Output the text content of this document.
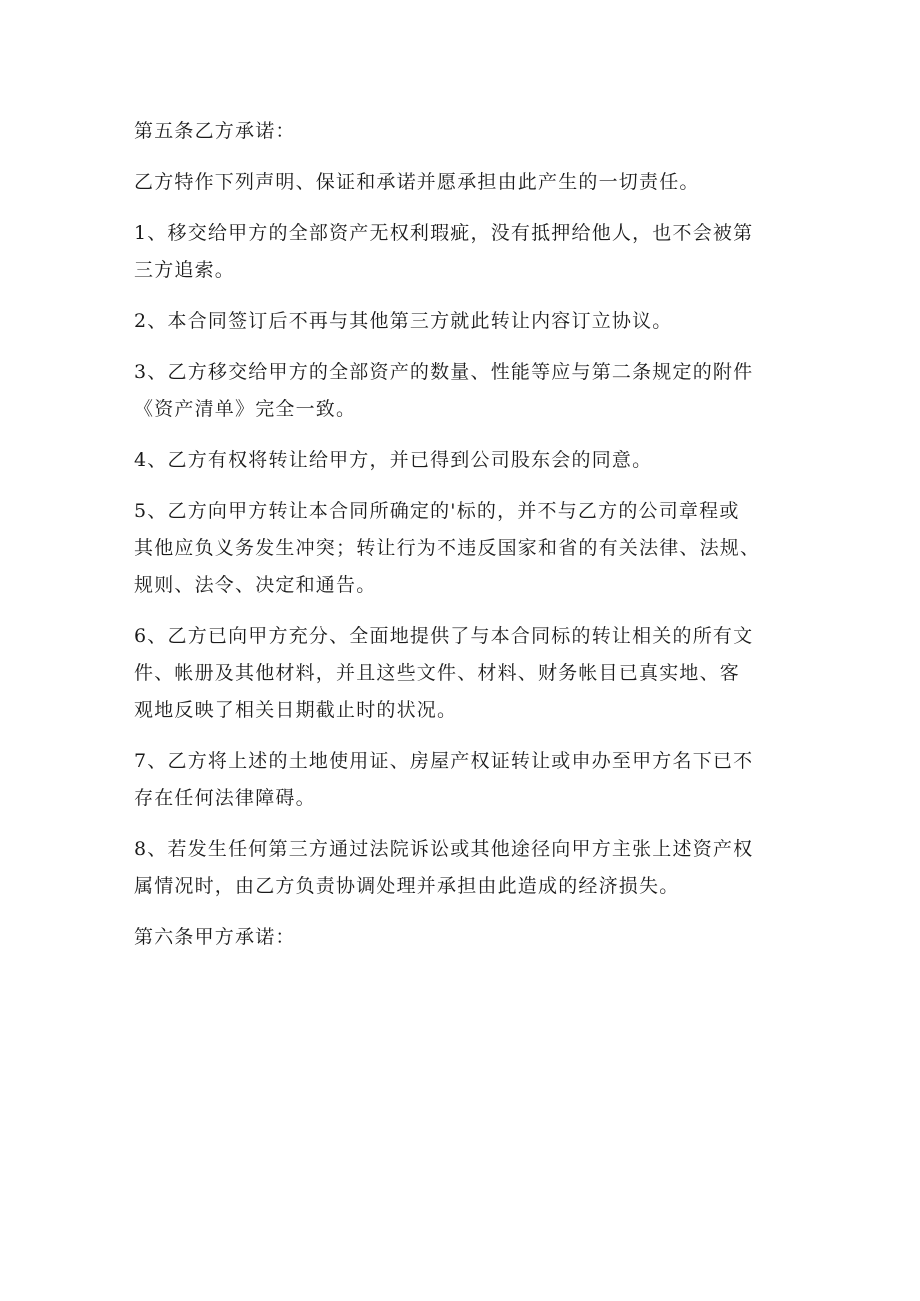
第五条乙方承诺：

乙方特作下列声明、保证和承诺并愿承担由此产生的一切责任。

1、移交给甲方的全部资产无权利瑕疵，没有抵押给他人，也不会被第
三方追索。

2、本合同签订后不再与其他第三方就此转让内容订立协议。

3、乙方移交给甲方的全部资产的数量、性能等应与第二条规定的附件
《资产清单》完全一致。

4、乙方有权将转让给甲方，并已得到公司股东会的同意。

5、乙方向甲方转让本合同所确定的'标的，并不与乙方的公司章程或
其他应负义务发生冲突；转让行为不违反国家和省的有关法律、法规、
规则、法令、决定和通告。

6、乙方已向甲方充分、全面地提供了与本合同标的转让相关的所有文
件、帐册及其他材料，并且这些文件、材料、财务帐目已真实地、客
观地反映了相关日期截止时的状况。

7、乙方将上述的土地使用证、房屋产权证转让或申办至甲方名下已不
存在任何法律障碍。

8、若发生任何第三方通过法院诉讼或其他途径向甲方主张上述资产权
属情况时，由乙方负责协调处理并承担由此造成的经济损失。

第六条甲方承诺：
